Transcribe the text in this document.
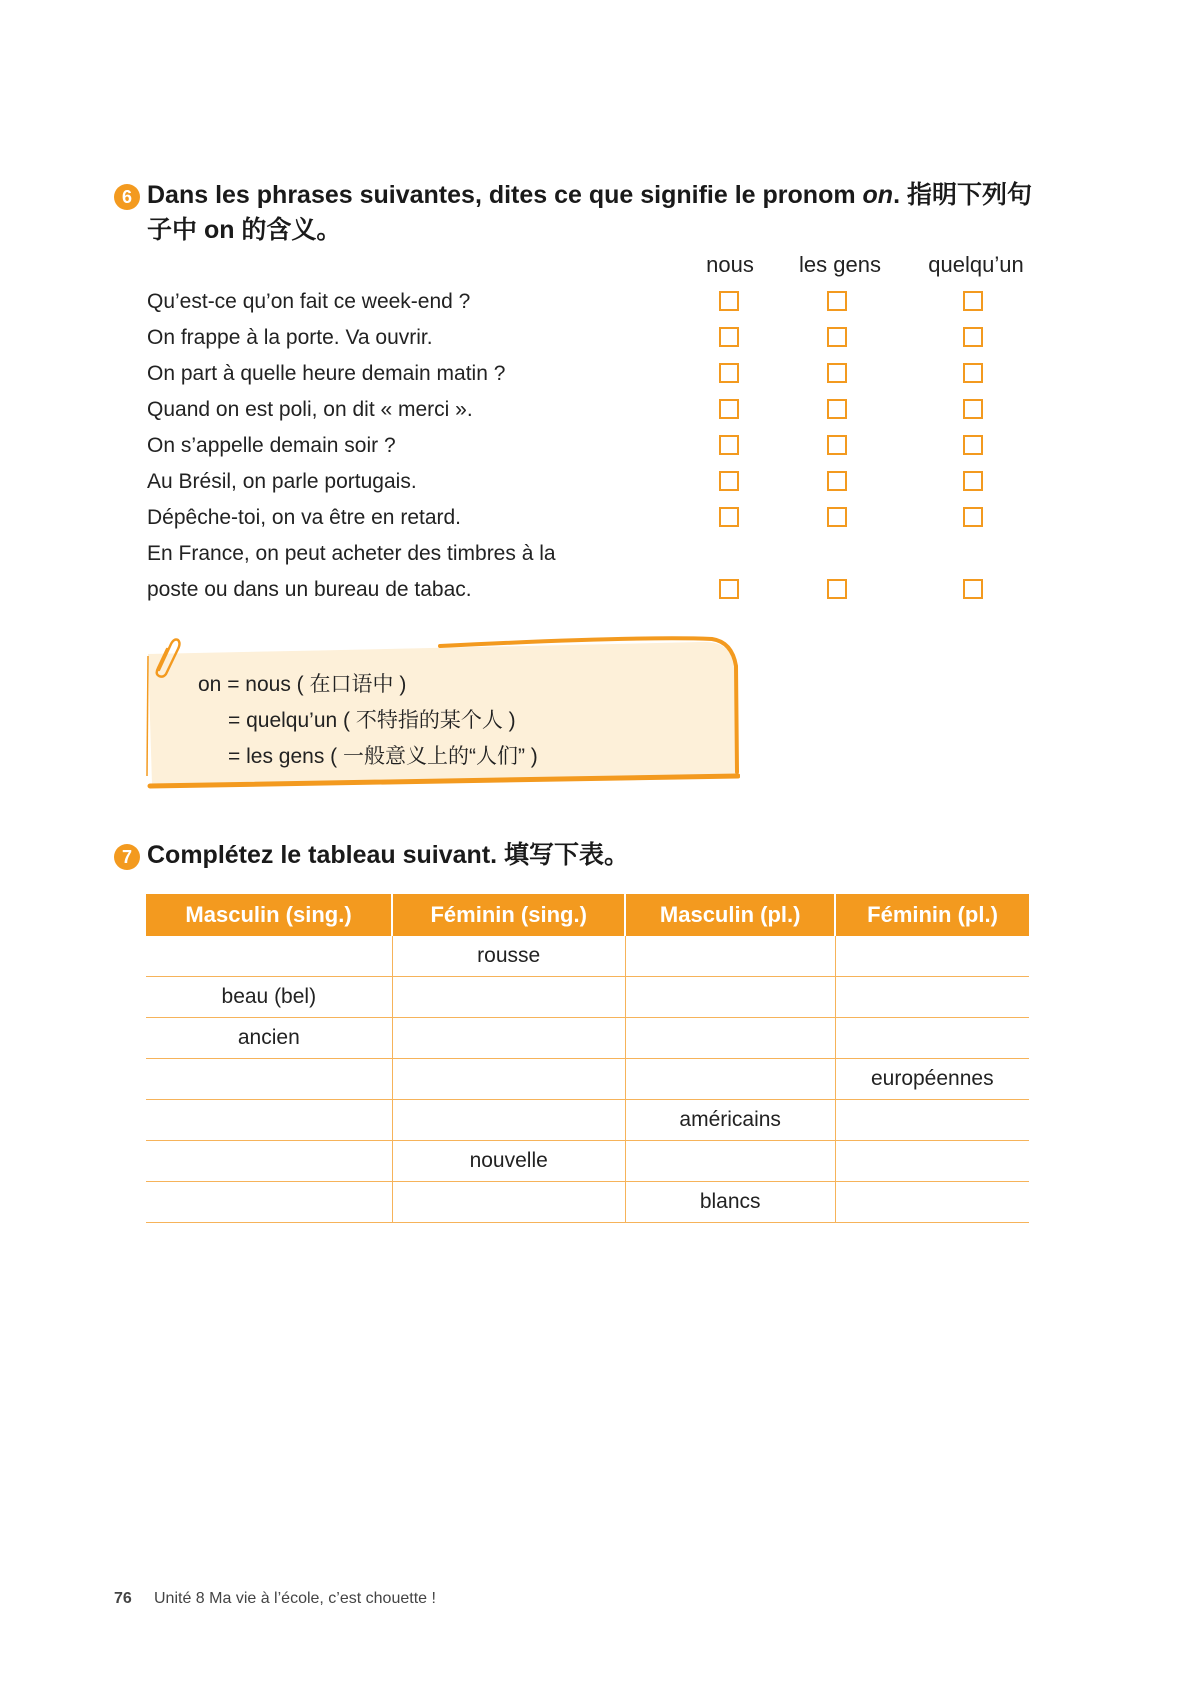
6 Dans les phrases suivantes, dites ce que signifie le pronom on. 指明下列句
子中 on 的含义。
nous	les gens	quelqu’un
Qu’est-ce qu’on fait ce week-end ?
On frappe à la porte. Va ouvrir.
On part à quelle heure demain matin ?
Quand on est poli, on dit « merci ».
On s’appelle demain soir ?
Au Brésil, on parle portugais.
Dépêche-toi, on va être en retard.
En France, on peut acheter des timbres à la
poste ou dans un bureau de tabac.
on = nous ( 在口语中 )
= quelqu’un ( 不特指的某个人 )
= les gens ( 一般意义上的“人们” )
7 Complétez le tableau suivant. 填写下表。
Masculin (sing.)	Féminin (sing.)	Masculin (pl.)	Féminin (pl.)
	rousse		
beau (bel)			
ancien			
			européennes
		américains	
	nouvelle		
		blancs	
76 Unité 8 Ma vie à l’école, c’est chouette !
